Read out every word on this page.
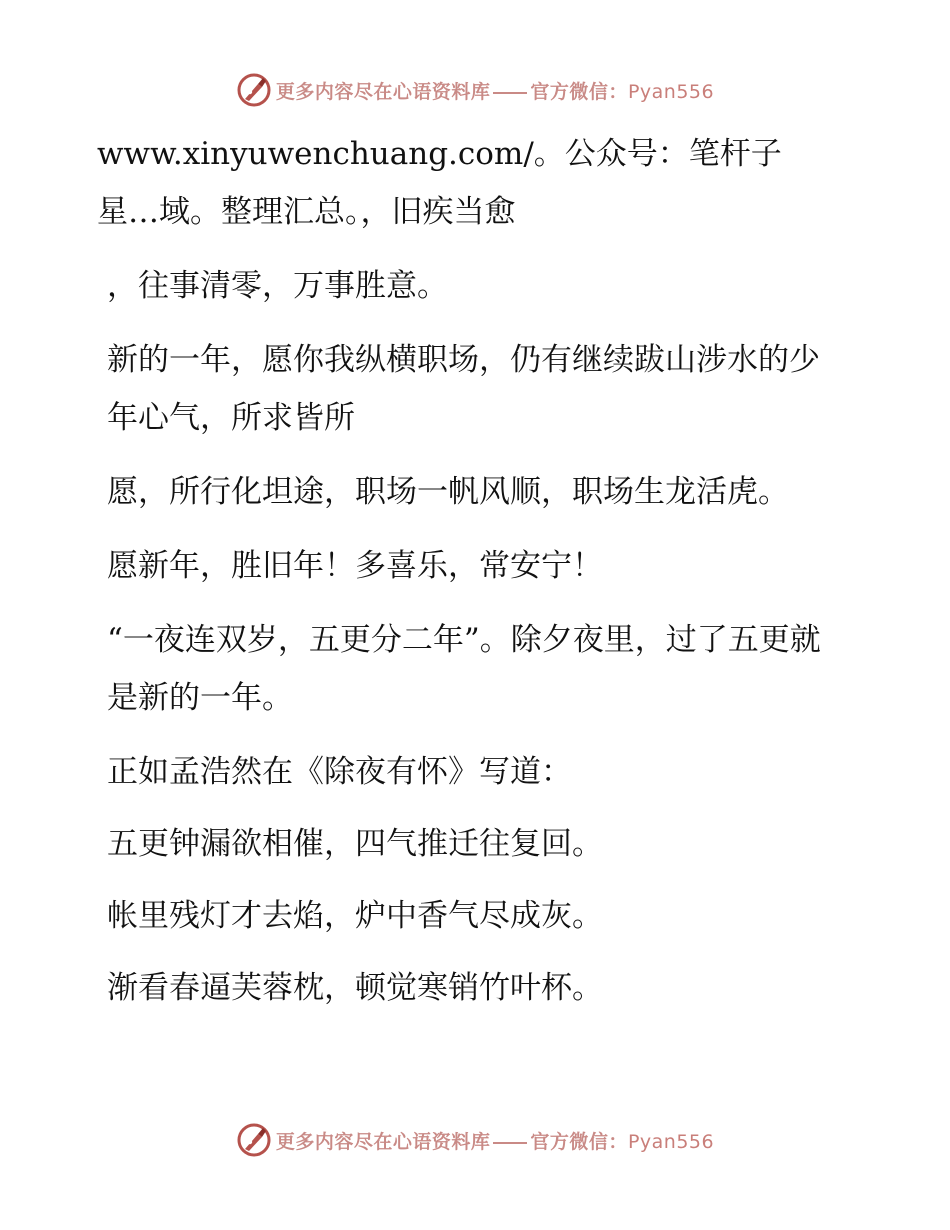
更多内容尽在心语资料库 官方微信：Pyan556

www.xinyuwenchuang.com/。公众号：笔杆子星…域。整理汇总。，旧疾当愈

，往事清零，万事胜意。

新的一年，愿你我纵横职场，仍有继续跋山涉水的少年心气，所求皆所

愿，所行化坦途，职场一帆风顺，职场生龙活虎。

愿新年，胜旧年！多喜乐，常安宁！

“一夜连双岁，五更分二年”。除夕夜里，过了五更就是新的一年。

正如孟浩然在《除夜有怀》写道：

五更钟漏欲相催，四气推迁往复回。

帐里残灯才去焰，炉中香气尽成灰。

渐看春逼芙蓉枕，顿觉寒销竹叶杯。

更多内容尽在心语资料库 官方微信：Pyan556
